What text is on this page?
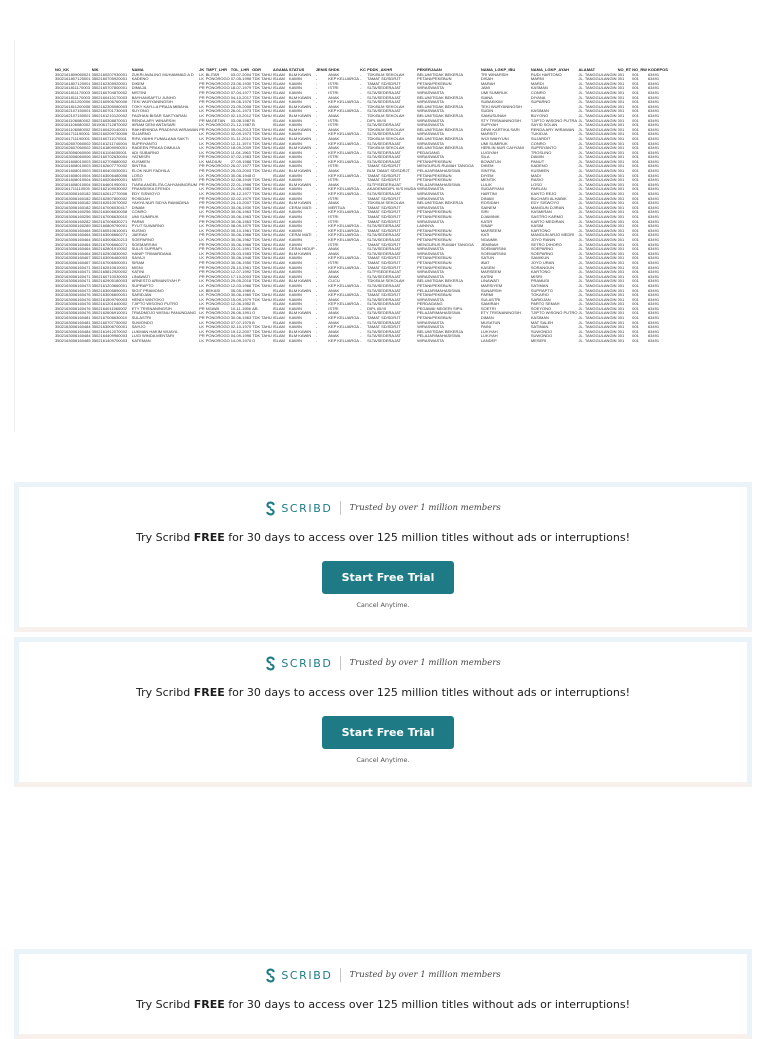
NO_KK	NIK	NAMA	JK	TMPT_LHR	TGL_LHR	GDR	AGAMA	STATUS	JENIS	SHDK	KC	PDDK_AKHR	PEKERJAAN		NAMA_LGKP_IBU		NAMA_LGKP_AYAH	ALAMAT	NO_RT	NO_RW	KODEPOS
3502161809060021	3502160207930001	ZUKRI AVALINO MUHAMMAD A D	LK	BLITAR	03-07-2004	TDK TAHU	ISLAM	BLM KAWIN	-	ANAK	-	TDK/BLM SEKOLAH	BELUM/TIDAK BEKERJA		TRI WINARSIH		RUDI HARTONO	JL. TANGGULANGIN	001	001	63491
3502161807120001	3502160705920001	KADENO	LK	PONOROGO	07-05-1996	TDK TAHU	ISLAM	KAWIN	-	KEP KELUARGA	-	TAMAT SD/SDRJT	PETANI/PEKEBUN		DISAH		MARNI	JL. TANGGULANGIN	001	001	63491
3502161807120001	3502162305920001	DIKEM	PR	PONOROGO	23-06-1930	TDK TAHU	ISLAM	KAWIN	-	ISTRI	-	TAMAT SD/SDRJT	PETANI/PEKEBUN		MARAH		MARDI	JL. TANGGULANGIN	001	001	63491
3502161811170003	3502160707800001	DIMAJA	PR	PONOROGO	18-07-1979	TDK TAHU	ISLAM	KAWIN	-	ISTRI	-	SLTA/SEDERAJAT	WIRASWASTA		JAMI		KASMAN	JL. TANGGULANGIN	001	001	63491
3502161811170003	3502160704870002	MISTINI	PR	PONOROGO	07-04-1977	TDK TAHU	ISLAM	KAWIN	-	ISTRI	-	SLTA/SEDERAJAT	WIRASWASTA		UMI SUMIRUK		CONRO	JL. TANGGULANGIN	001	001	63491
3502161811170003	3502160410170003	BAYHANSAFTU JUNHO	PR	PONOROGO	04-10-2017	TDK TAHU	ISLAM	BLM KAWIN	-	ANAK	-	SLTA/SEDERAJAT	BELUM/TIDAK BEKERJA		SIANA		DIYANA	JL. TANGGULANGIN	001	001	63491
3502161811200006	3502160906760006	TEKI WURYANINGSIH	PR	PONOROGO	09-06-1976	TDK TAHU	ISLAM	KAWIN	-	KEP KELUARGA	-	SLTA/SEDERAJAT	WIRASWASTA		SUBAKIKIM		SUPARNO	JL. TANGGULANGIN	001	001	63491
3502161811200006	3502162305080003	TOKY KAYLLA PRAJA MIBAHA	LK	PONOROGO	23-05-2008	TDK TAHU	ISLAM	BLM KAWIN	-	ANAK	-	TDK/BLM SEKOLAH	BELUM/TIDAK BEKERJA		TEKI WURYANINGSIH		-	JL. TANGGULANGIN	001	001	63491
3502162107150001	3502160701730003	SUYONO	LK	PONOROGO	26-01-1973	TDK TAHU	ISLAM	KAWIN	-	KEP KELUARGA	-	SLTA/SEDERAJAT	WIRASWASTA		SUDIN		KASIMAN	JL. TANGGULANGIN	001	001	63491
3502162107150001	3502161210120002	FAIZHAN BISAR SAKTYARAN	LK	PONOROGO	02-10-2012	TDK TAHU	ISLAM	BLM KAWIN	-	ANAK	-	TDK/BLM SEKOLAH	BELUM/TIDAK BEKERJA		SAMUSUNAH		BUYONO	JL. TANGGULANGIN	001	001	63491
3502161106080002	3502160308870001	RENDA ARY WINARSIH	PR	MAGETAN	03-08-1987	B	ISLAM	KAWIN	-	ISTRI	-	DIPL I/II/III	WIRASWASTA		STY TRISNANINGSIH		TJIPTO WISONO PUTRA	JL. TANGGULANGIN	001	001	63491
3502161106080002	3519061712870002	IKRAM DENI ANTASARI	LK	PONOROGO	21-12-1987	B	ISLAM	KAWIN	-	ISTRI	-	SLTA/SEDERAJAT	WIRASWASTA		SUPIYAH		SAYID SOLAN	JL. TANGGULANGIN	001	001	63491
3502161106080002	3502160420140001	RAKHEHINDA PRADNYA WIRAWAN	PR	PONOROGO	05-04-2013	TDK TAHU	ISLAM	BLM KAWIN	-	ANAK	-	TDK/BLM SEKOLAH	BELUM/TIDAK BEKERJA		DEWI KARTIKA SARI		RENDA ARY WIRAWAN	JL. TANGGULANGIN	001	001	63491
3502161711190001	3502160209730006	SUJARNO	LK	PONOROGO	02-09-1973	TDK TAHU	ISLAM	KAWIN	-	KEP KELUARGA	-	SLTA/SEDERAJAT	WIRASWASTA		MARSITI		TUKIDJA	JL. TANGGULANGIN	001	001	63491
3502161711190001	3502160711070001	RIFA YAHHI FUMALANA SAKTI	LK	PONOROGO	01-11-2010	TDK TAHU	ISLAM	BLM KAWIN	-	ANAK	-	TDK/BLM SEKOLAH	BELUM/TIDAK BEKERJA		WIJI WAHYUNI		SUJARDIT	JL. TANGGULANGIN	001	001	63491
3502162607060002	3502161211740004	SUPRIYANTO	LK	PONOROGO	12-11-1974	TDK TAHU	ISLAM	KAWIN	-	KEP KELUARGA	-	SLTA/SEDERAJAT	WIRASWASTA		UMI SUMIRUK		CONRO	JL. TANGGULANGIN	001	001	63491
3502162607060002	3502161809090001	RADEEN PRAKA DIMULIA	LK	PONOROGO	18-09-2009	TDK TAHU	ISLAM	BLM KAWIN	-	ANAK	-	TDK/BLM SEKOLAH	BELUM/TIDAK BEKERJA		HERLIN NUR CAHYANI		SUPRIYANTO	JL. TANGGULANGIN	001	001	63491
3502163006060006	3502161104630001	ADI SUBARNO	LK	PONOROGO	11-04-1963	TDK TAHU	ISLAM	KAWIN	-	KEP KELUARGA	-	SLTA/SEDERAJAT	PEDAGANG		LUGIYAH		TROSLINO	JL. TANGGULANGIN	001	001	63491
3502163006060006	3502160702630004	YATMISRI	PR	PONOROGO	07-02-1963	TDK TAHU	ISLAM	KAWIN	-	ISTRI	-	SLTA/SEDERAJAT	WIRASWASTA		SILA		DAMIN	JL. TANGGULANGIN	001	001	63491
3502161608010003	3502162709880002	KUSMIEN	LK	MADIUN	27-09-1988	TDK TAHU	ISLAM	KAWIN	-	KEP KELUARGA	-	SLTA/SEDERAJAT	PETANI/PEKEBUN		BOWATUN		PANUT	JL. TANGGULANGIN	001	001	63491
3502161608010003	3502162607770002	SINTRA	PR	PONOROGO	26-07-1977	TDK TAHU	ISLAM	KAWIN	-	ISTRI	-	TAMAT SD/SDRJT	MENGURUS RUMAH TANGGA		DIKEM		KADENO	JL. TANGGULANGIN	001	001	63491
3502161608010003	3502160403030001	ELOK NUR FADHILA	PR	PONOROGO	25-03-2003	TDK TAHU	ISLAM	BLM KAWIN	-	ANAK	-	BLM TAMAT SD/SDRJT	PELAJAR/MAHASISWA		SINTRA		KUSMIEN	JL. TANGGULANGIN	001	001	63491
3502161608010004	3502163006480006	LOSO	LK	PONOROGO	30-06-1948	O	ISLAM	KAWIN	-	KEP KELUARGA	-	TAMAT SD/SDRJT	PETANI/PEKEBUN		DIYEM		MADI	JL. TANGGULANGIN	001	001	63491
3502161608010004	3502160208490001	MISTI	PR	PONOROGO	02-08-1949	TDK TAHU	ISLAM	KAWIN	-	ISTRI	-	TAMAT SD/SDRJT	PETANI/PEKEBUN		MENTIK		RASIO	JL. TANGGULANGIN	001	001	63491
3502161608010004	3502164601950001	TIARA ANGELITA CAHYANINGRUM	PR	PONOROGO	22-01-1996	TDK TAHU	ISLAM	BLM KAWIN	-	ANAK	-	SLTP/SEDERAJAT	PELAJAR/MAHASISWA		LULIK		LOSO	JL. TANGGULANGIN	001	001	63491
3502161711110005	3502162109030002	FRANSISKA EFENDI	LK	PONOROGO	21-09-1983	TDK TAHU	ISLAM	KAWIN	-	KEP KELUARGA	-	AKADEMI/DIPL III/S MUDA	WIRASWASTA		SUDARYANI		PARLAN	JL. TANGGULANGIN	001	001	63491
3502163006160182	3502162612770006	EDY SISWOYO	LK	PONOROGO	26-12-1977	TDK TAHU	ISLAM	KAWIN	-	KEP KELUARGA	-	SLTA/SEDERAJAT	WIRASWASTA		HARTINI		KANTO REJO	JL. TANGGULANGIN	001	001	63491
3502163006160182	3502162507800002	ROSIDAH	PR	PONOROGO	02-02-1979	TDK TAHU	ISLAM	KAWIN	-	ISTRI	-	TAMAT SD/SDRJT	WIRASWASTA		DINAM		BUCHARI ALHABIK	JL. TANGGULANGIN	001	001	63491
3502163006160182	3502162510070002	YAHYA NUR SIDYA RAMADINA	PR	PONOROGO	24-10-2007	TDK TAHU	ISLAM	BLM KAWIN	-	ANAK	-	TDK/BLM SEKOLAH	BELUM/TIDAK BEKERJA		ROSIDAH		EDY SISWOYO	JL. TANGGULANGIN	001	001	63491
3502163006160182	3502167006030417	DINAM	PR	PONOROGO	30-06-1930	TDK TAHU	ISLAM	CERAI MATI	-	MERTUA	-	TAMAT SD/SDRJT	WIRASWASTA		SAINEM		MANGUN DJIRAN	JL. TANGGULANGIN	001	001	63491
3502163006160256	3502163006630008	CONRO	LK	PONOROGO	30-06-1963	TDK TAHU	ISLAM	KAWIN	-	KEP KELUARGA	-	TAMAT SD/SDRJT	PETANI/PEKEBUN		SIRI		KASMIRAN	JL. TANGGULANGIN	001	001	63491
3502163006160256	3502167006630010	UMI SUMIRUK	PR	PONOROGO	30-06-1963	TDK TAHU	ISLAM	KAWIN	-	ISTRI	-	TAMAT SD/SDRJT	PETANI/PEKEBUN		DJAMINIK		SASTRO KARMO	JL. TANGGULANGIN	001	001	63491
3502163006160282	3502167006630271	PARMI	PR	PONOROGO	30-06-1963	TDK TAHU	ISLAM	KAWIN	-	ISTRI	-	TAMAT SD/SDRJT	WIRASWASTA		KATIR		KARTO MEDIRAN	JL. TANGGULANGIN	001	001	63491
3502163006160289	3502160809790001	PYUT SUWARNO	LK	PONOROGO	08-09-1979	TDK TAHU	ISLAM	KAWIN	-	KEP KELUARGA	-	SLTA/SEDERAJAT	LAINNYA		SINAP		KASIM	JL. TANGGULANGIN	001	001	63491
3502163006160464	3502160510610001	KUSNO	LK	PONOROGO	05-10-1961	TDK TAHU	ISLAM	KAWIN	-	KEP KELUARGA	-	TAMAT SD/SDRJT	PETANI/PEKEBUN		MARSEEM		KARTONO	JL. TANGGULANGIN	001	001	63491
3502163006160464	3502163006660271	JAERAH	PR	PONOROGO	30-06-1966	TDK TAHU	ISLAM	CERAI MATI	-	KEP KELUARGA	-	SLTA/SEDERAJAT	PETANI/PEKEBUN		KATI		MANGUN ARJO MEDRI	JL. TANGGULANGIN	001	001	63491
3502163006160464	3502163006620213	SOEPARNO	LK	PONOROGO	30-06-1962	TDK TAHU	ISLAM	KAWIN	-	KEP KELUARGA	-	SLTA/SEDERAJAT	PETANI/PEKEBUN		NGAIMIK		JOYO RANIN	JL. TANGGULANGIN	001	001	63491
3502163006160464	3502167006660271	SOEMARSINI	PR	PONOROGO	30-06-1966	TDK TAHU	ISLAM	KAWIN	-	ISTRI	-	TAMAT SD/SDRJT	MENGURUS RUMAH TANGGA		JEMINAH		SETRO DIHORO	JL. TANGGULANGIN	001	001	63491
3502163006160464	3502162801910002	SULIS SUPRAPI	PR	PONOROGO	23-01-1991	TDK TAHU	ISLAM	CERAI HIDUP	-	ANAK	-	SLTA/SEDERAJAT	WIRASWASTA		SOEMARSINI		SOEPARNO	JL. TANGGULANGIN	001	001	63491
3502163006160464	3502162503830002	HANIP TRIMARDANA	LK	PONOROGO	25-03-1983	TDK TAHU	ISLAM	BLM KAWIN	-	ANAK	-	SLTA/SEDERAJAT	WIRASWASTA		SOEMARSINI		SOEPARNO	JL. TANGGULANGIN	001	001	63491
3502163006160467	3502163006460003	SAYAJI	LK	PONOROGO	30-06-1946	TDK TAHU	ISLAM	KAWIN	-	KEP KELUARGA	-	TAMAT SD/SDRJT	PETANI/PEKEBUN		SATUN		SAMIKUN	JL. TANGGULANGIN	001	001	63491
3502163006160467	3502167006500001	SIRAM	PR	PONOROGO	30-06-1950	TDK TAHU	ISLAM	KAWIN	-	ISTRI	-	TAMAT SD/SDRJT	PETANI/PEKEBUN		IBAT		JOYO URAN	JL. TANGGULANGIN	001	001	63491
3502163006160471	3502162510610001	MISNI	PR	PONOROGO	25-10-1961	TDK TAHU	ISLAM	KAWIN	-	KEP KELUARGA	-	TAMAT SD/SDRJT	PETANI/PEKEBUN		KASEM		SORANGUN	JL. TANGGULANGIN	001	001	63491
3502163006160471	3502165812920002	KATINI	PR	PONOROGO	12-07-1992	TDK TAHU	ISLAM	KAWIN	-	ANAK	-	SLTP/SEDERAJAT	WIRASWASTA		MARSEEM		KARTONO	JL. TANGGULANGIN	001	001	63491
3502163006160471	3502160710030003	LINAWATI	PR	PONOROGO	17-10-2003	TDK TAHU	ISLAM	KAWIN	-	ANAK	-	SLTA/SEDERAJAT	WIRASWASTA		KATINI		MISRI	JL. TANGGULANGIN	001	001	63491
3502163006160471	3502162905180003	ARNESTO ARMANSYAH P	LK	PONOROGO	29-05-2018	TDK TAHU	ISLAM	BLM KAWIN	-	CUCU	-	TDK/BLM SEKOLAH	BELUM/TIDAK BEKERJA		LINAWATI		PRAMUDI	JL. TANGGULANGIN	001	001	63491
3502163006160473	3502161203660001	SUPRAPTO	LK	PONOROGO	12-03-1966	TDK TAHU	ISLAM	KAWIN	-	KEP KELUARGA	-	SLTA/SEDERAJAT	PETANI/PEKEBUN		MARSIYEM		SATIMAN	JL. TANGGULANGIN	001	001	63491
3502163006160473	3502163005890001	SIGIT PRAMONO	LK	BEKASI	05-05-1989	A	ISLAM	BLM KAWIN	-	ANAK	-	SLTA/SEDERAJAT	PELAJAR/MAHASISWA		SUNARSIH		SUPRAPTO	JL. TANGGULANGIN	001	001	63491
3502163006160476	3502163006600001	SARIDJAN	LK	PONOROGO	30-06-1960	TDK TAHU	ISLAM	KAWIN	-	KEP KELUARGA	-	TAMAT SD/SDRJT	PETANI/PEKEBUN		PARMI		TOKARIO	JL. TANGGULANGIN	001	001	63491
3502163006160476	3502161509790003	HENDI WINTOKO	LK	PONOROGO	15-09-1979	TDK TAHU	ISLAM	KAWIN	-	ANAK	-	SLTA/SEDERAJAT	WIRASWASTA		SULASTRI		SARIDJAN	JL. TANGGULANGIN	001	001	63491
3502163006160476	3502161201640002	TJIPTO WISONO PUTRO	LK	PONOROGO	12-06-1952	B	ISLAM	KAWIN	-	KEP KELUARGA	-	SLTA/SEDERAJAT	PERDAGANG		SAMIRAH		PARTO SEMAH	JL. TANGGULANGIN	001	001	63491
3502163006160476	3502164011560002	ETY TRISNANINGSIH	PR	NGAWI	10-11-1956	AB	ISLAM	KAWIN	-	ISTRI	-	DIPL I/II/III	PEGAWAI NEGERI SIPIL		SOETRI		SOEYONO	JL. TANGGULANGIN	001	001	63491
3502163006160476	3502162606910001	TRIADMOJO WISNU PANUNDANG	LK	PONOROGO	26-06-1991	O	ISLAM	BLM KAWIN	-	ANAK	-	SLTA/SEDERAJAT	PELAJAR/MAHASISWA		ETY TRISNANINGSIH		TJIPTO WISONO PUTRO	JL. TANGGULANGIN	001	001	63491
3502163006160481	3502167006630010	SULASTRI	PR	PONOROGO	30-06-1963	TDK TAHU	ISLAM	KAWIN	-	KEP KELUARGA	-	TAMAT SD/SDRJT	PETANI/PEKEBUN		DIMAN		KASIMAN	JL. TANGGULANGIN	001	001	63491
3502163006160481	3502160707750002	SUWONDO	LK	PONOROGO	07-07-1975	B	ISLAM	KAWIN	-	ANAK	-	SLTA/SEDERAJAT	WIRASWASTA		MUSATUN		MAT SALEH	JL. TANGGULANGIN	001	001	63491
3502163006160484	3502163006700001	SAYIJO	LK	PONOROGO	02-10-1970	TDK TAHU	ISLAM	KAWIN	-	KEP KELUARGA	-	TAMAT SD/SDRJT	WIRASWASTA		PAINI		SATIMAN	JL. TANGGULANGIN	001	001	63491
3502163006160484	3502161912070002	LUKMAN HAKIM WIJAYA	LK	PONOROGO	19-12-2007	TDK TAHU	ISLAM	BLM KAWIN	-	ANAK	-	SLTA/SEDERAJAT	BELUM/TIDAK BEKERJA		LUKIYAH		SUWONDO	JL. TANGGULANGIN	001	001	63491
3502163006160484	3502164409960003	LUGI WINDA MENTARI	PR	PONOROGO	04-09-1996	TDK TAHU	ISLAM	BLM KAWIN	-	ANAK	-	SLTA/SEDERAJAT	PELAJAR/MAHASISWA		LUKIYAH		SUWONDO	JL. TANGGULANGIN	001	001	63491
3502163006160485	3502161409700003	KATEMAN	LK	PONOROGO	14-09-1970	O	ISLAM	KAWIN	-	KEP KELUARGA	-	SLTA/SEDERAJAT	WIRASWASTA		LANDEP		MESERI	JL. TANGGULANGIN	001	001	63491
SCRIBD Trusted by over 1 million members
Try Scribd FREE for 30 days to access over 125 million titles without ads or interruptions!
Start Free Trial
Cancel Anytime.
SCRIBD Trusted by over 1 million members
Try Scribd FREE for 30 days to access over 125 million titles without ads or interruptions!
Start Free Trial
Cancel Anytime.
SCRIBD Trusted by over 1 million members
Try Scribd FREE for 30 days to access over 125 million titles without ads or interruptions!
